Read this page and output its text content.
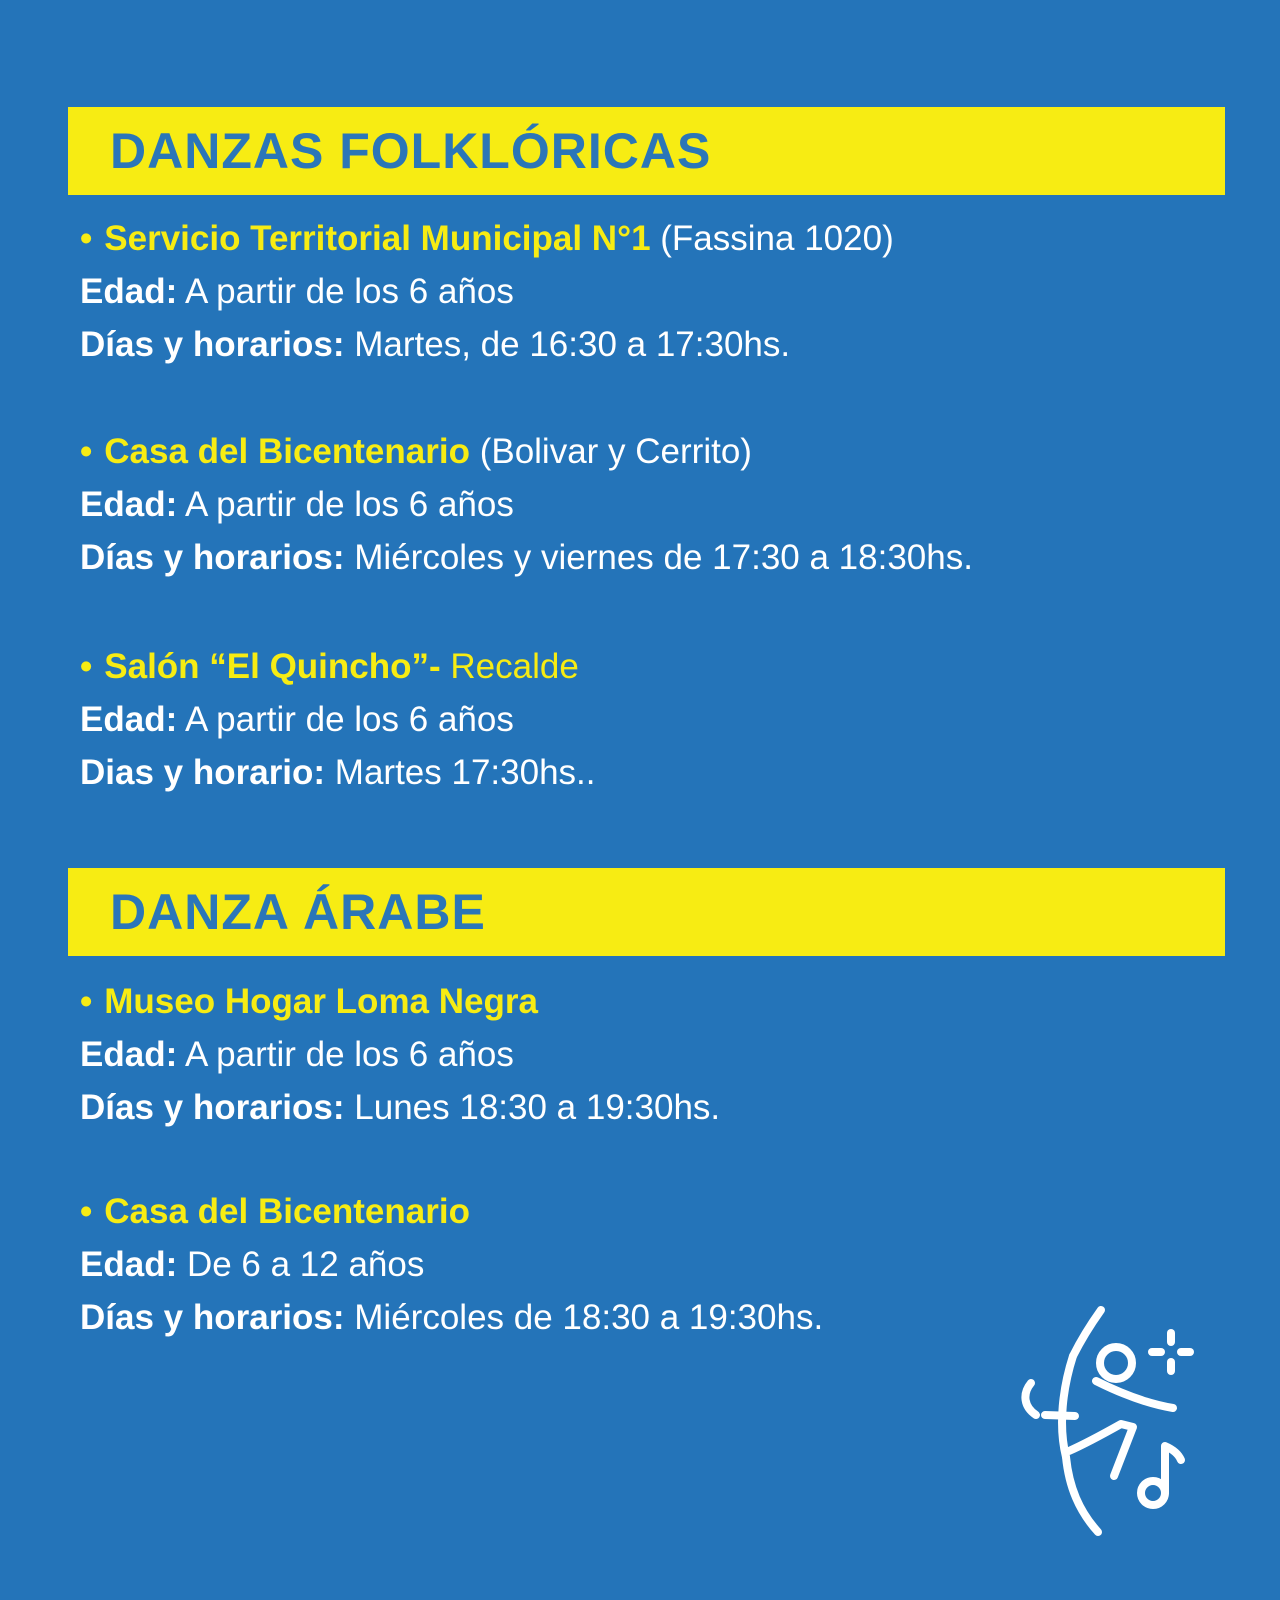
DANZAS FOLKLÓRICAS
• Servicio Territorial Municipal N°1 (Fassina 1020)
Edad: A partir de los 6 años
Días y horarios: Martes, de 16:30 a 17:30hs.
• Casa del Bicentenario (Bolivar y Cerrito)
Edad: A partir de los 6 años
Días y horarios: Miércoles y viernes de 17:30 a 18:30hs.
• Salón “El Quincho”- Recalde
Edad: A partir de los 6 años
Dias y horario: Martes 17:30hs..
DANZA ÁRABE
• Museo Hogar Loma Negra
Edad: A partir de los 6 años
Días y horarios: Lunes 18:30 a 19:30hs.
• Casa del Bicentenario
Edad: De 6 a 12 años
Días y horarios: Miércoles de 18:30 a 19:30hs.
